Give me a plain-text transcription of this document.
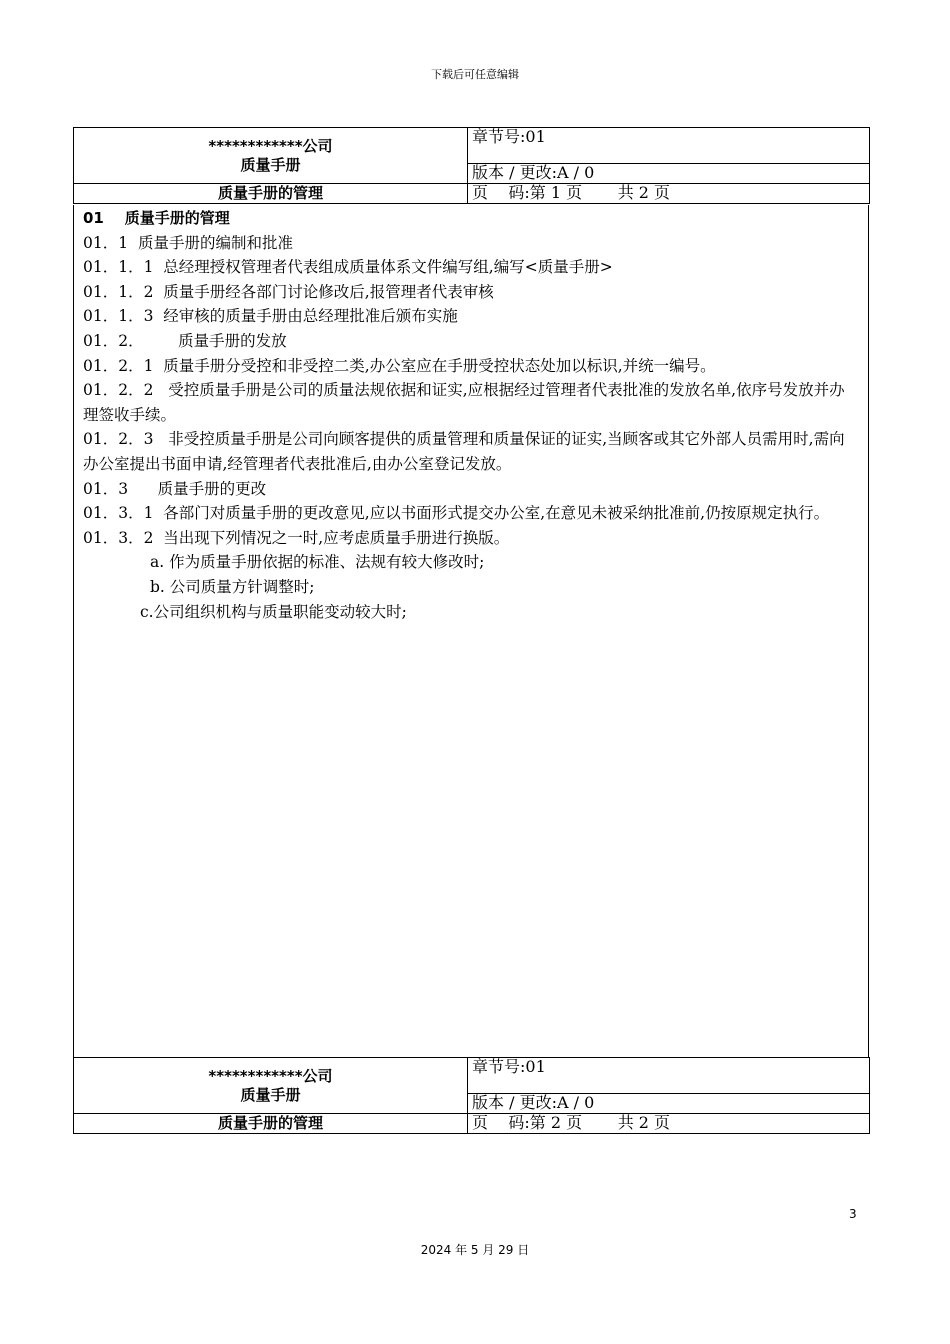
下载后可任意编辑
************公司
质量手册	章节号:01
	版本 / 更改:A / 0
质量手册的管理	页    码:第 1 页       共 2 页

01    质量手册的管理

01．1  质量手册的编制和批准

01．1．1  总经理授权管理者代表组成质量体系文件编写组,编写<质量手册>

01．1．2  质量手册经各部门讨论修改后,报管理者代表审核

01．1．3  经审核的质量手册由总经理批准后颁布实施

01．2．       质量手册的发放

01．2．1  质量手册分受控和非受控二类,办公室应在手册受控状态处加以标识,并统一编号。

01．2．2   受控质量手册是公司的质量法规依据和证实,应根据经过管理者代表批准的发放名单,依序号发放并办理签收手续。

01．2．3   非受控质量手册是公司向顾客提供的质量管理和质量保证的证实,当顾客或其它外部人员需用时,需向办公室提出书面申请,经管理者代表批准后,由办公室登记发放。

01．3      质量手册的更改

01．3．1  各部门对质量手册的更改意见,应以书面形式提交办公室,在意见未被采纳批准前,仍按原规定执行。

01．3．2  当出现下列情况之一时,应考虑质量手册进行换版。

a. 作为质量手册依据的标准、法规有较大修改时;

b. 公司质量方针调整时;

c.公司组织机构与质量职能变动较大时;

************公司
质量手册	章节号:01
	版本 / 更改:A / 0
质量手册的管理	页    码:第 2 页       共 2 页
3
2024 年 5 月 29 日
